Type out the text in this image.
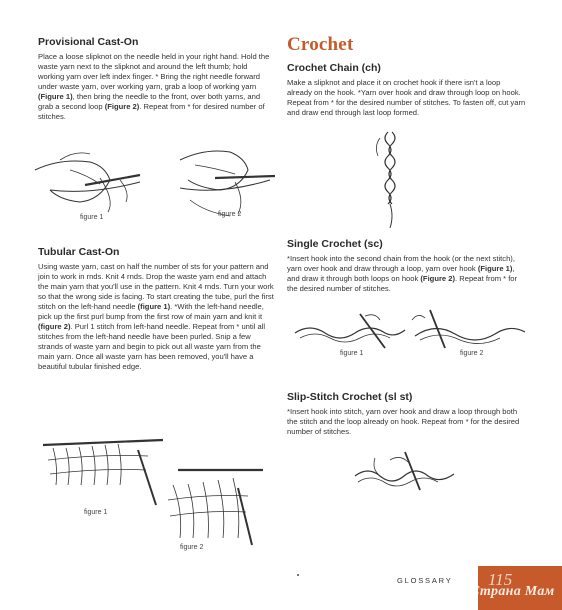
Provisional Cast-On

Place a loose slipknot on the needle held in your right hand. Hold the waste yarn next to the slipknot and around the left thumb; hold working yarn over left index finger. * Bring the right needle forward under waste yarn, over working yarn, grab a loop of working yarn (Figure 1), then bring the needle to the front, over both yarns, and grab a second loop (Figure 2). Repeat from * for desired number of stitches.

figure 1	figure 2
Tubular Cast-On

Using waste yarn, cast on half the number of sts for your pattern and join to work in rnds. Knit 4 rnds. Drop the waste yarn end and attach the main yarn that you'll use in the pattern. Knit 4 rnds. Turn your work so that the wrong side is facing. To start creating the tube, purl the first stitch on the left-hand needle (figure 1). *With the left-hand needle, pick up the first purl bump from the first row of main yarn and knit it (figure 2). Purl 1 stitch from left-hand needle. Repeat from * until all stitches from the left-hand needle have been purled. Snip a few strands of waste yarn and begin to pick out all waste yarn from the main yarn. Once all waste yarn has been removed, you'll have a beautiful tubular finished edge.

figure 1
figure 2
Crochet
Crochet Chain (ch)

Make a slipknot and place it on crochet hook if there isn't a loop already on the hook. *Yarn over hook and draw through loop on hook. Repeat from * for the desired number of stitches. To fasten off, cut yarn and draw end through last loop formed.

Single Crochet (sc)

*Insert hook into the second chain from the hook (or the next stitch), yarn over hook and draw through a loop, yarn over hook (Figure 1), and draw it through both loops on hook (Figure 2). Repeat from * for the desired number of stitches.

figure 1	figure 2
Slip-Stitch Crochet (sl st)

*Insert hook into stitch, yarn over hook and draw a loop through both the stitch and the loop already on hook. Repeat from * for the desired number of stitches.

GLOSSARY 115
Страна Мам
